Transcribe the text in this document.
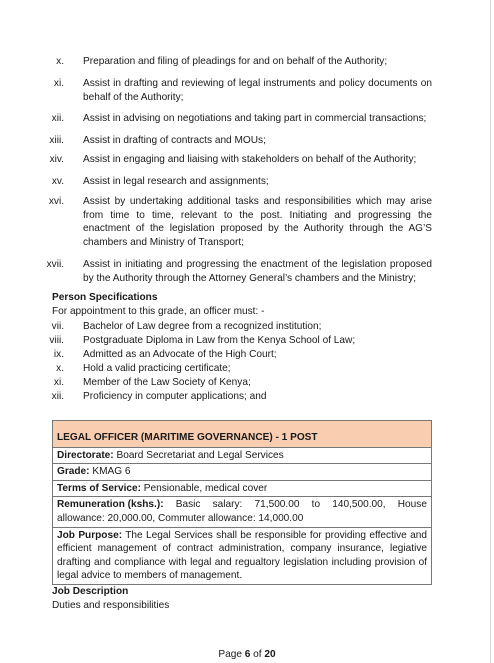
x. Preparation and filing of pleadings for and on behalf of the Authority;
xi. Assist in drafting and reviewing of legal instruments and policy documents on behalf of the Authority;
xii. Assist in advising on negotiations and taking part in commercial transactions;
xiii. Assist in drafting of contracts and MOUs;
xiv. Assist in engaging and liaising with stakeholders on behalf of the Authority;
xv. Assist in legal research and assignments;
xvi. Assist by undertaking additional tasks and responsibilities which may arise from time to time, relevant to the post. Initiating and progressing the enactment of the legislation proposed by the Authority through the AG’S chambers and Ministry of Transport;
xvii. Assist in initiating and progressing the enactment of the legislation proposed by the Authority through the Attorney General’s chambers and the Ministry;
Person Specifications
For appointment to this grade, an officer must: -
vii. Bachelor of Law degree from a recognized institution;
viii. Postgraduate Diploma in Law from the Kenya School of Law;
ix. Admitted as an Advocate of the High Court;
x. Hold a valid practicing certificate;
xi. Member of the Law Society of Kenya;
xii. Proficiency in computer applications; and
LEGAL OFFICER (MARITIME GOVERNANCE) - 1 POST
Directorate: Board Secretariat and Legal Services
Grade: KMAG 6
Terms of Service: Pensionable, medical cover
Remuneration (kshs.): Basic salary: 71,500.00 to 140,500.00, House
allowance: 20,000.00, Commuter allowance: 14,000.00
Job Purpose: The Legal Services shall be responsible for providing effective and efficient management of contract administration, company insurance, legiative drafting and compliance with legal and regualtory legislation including provision of legal advice to members of management.
Job Description
Duties and responsibilities
Page 6 of 20
